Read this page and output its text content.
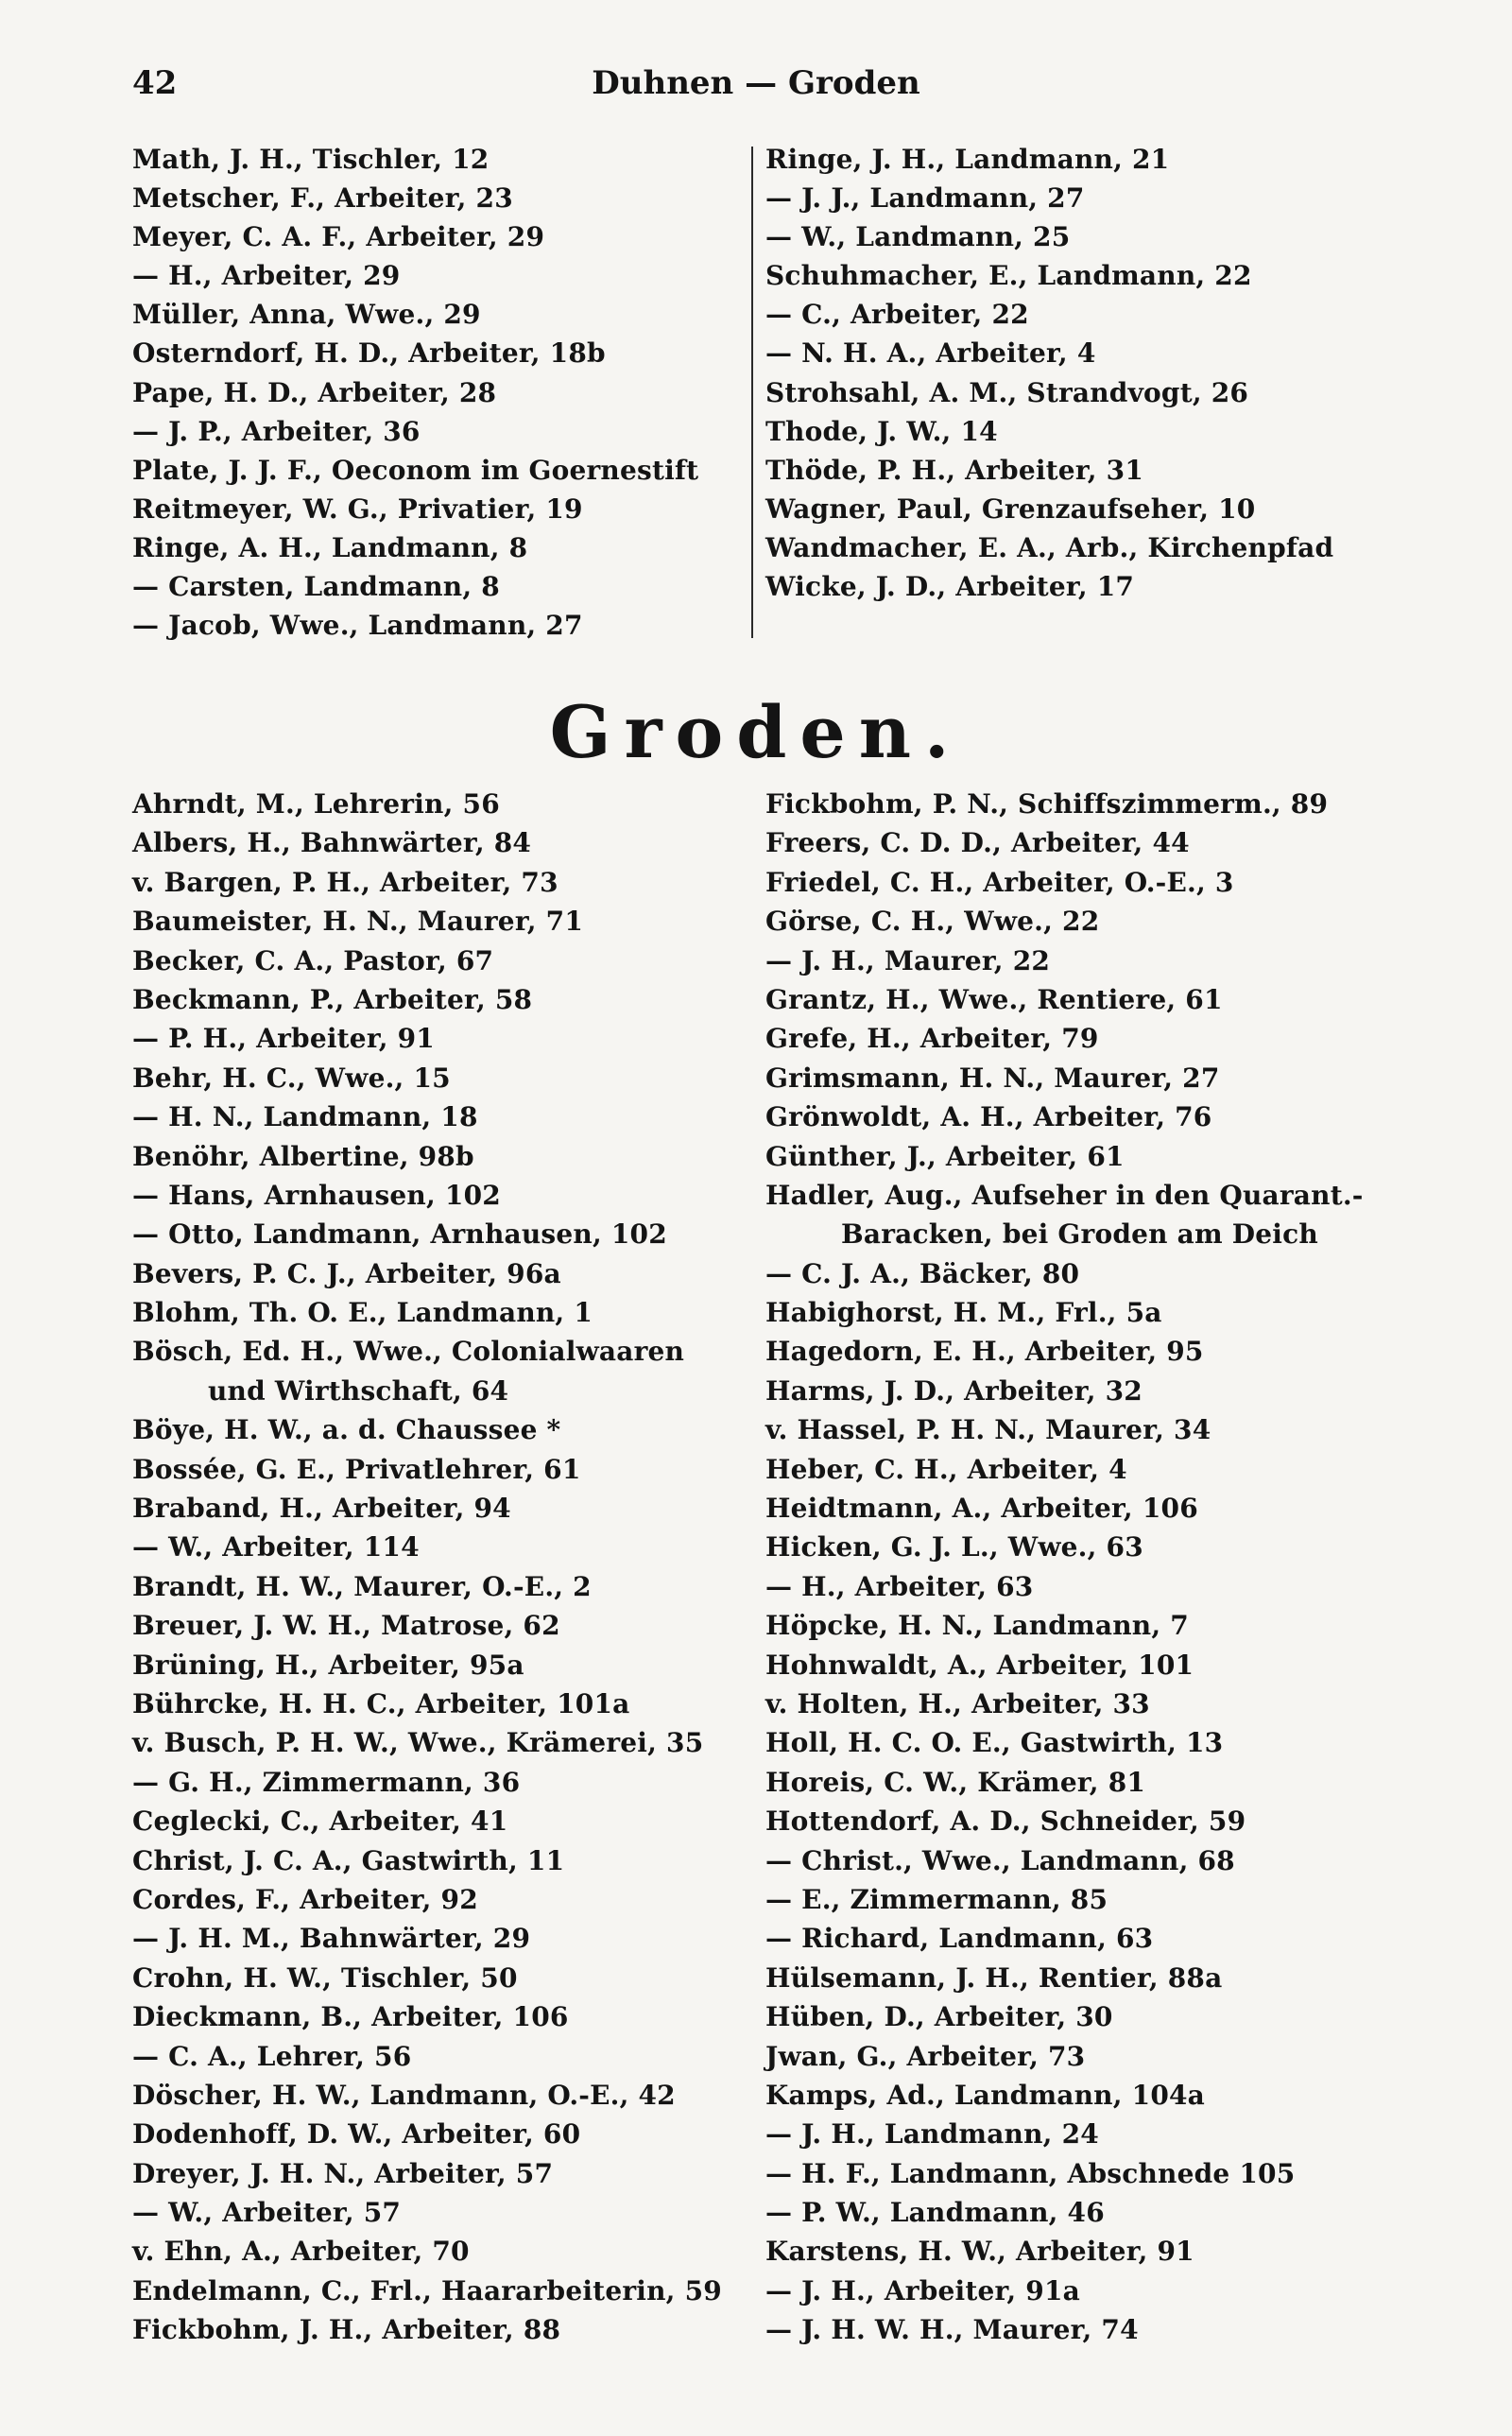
42	Duhnen — Groden
Math, J. H., Tischler, 12
Metscher, F., Arbeiter, 23
Meyer, C. A. F., Arbeiter, 29
— H., Arbeiter, 29
Müller, Anna, Wwe., 29
Osterndorf, H. D., Arbeiter, 18b
Pape, H. D., Arbeiter, 28
— J. P., Arbeiter, 36
Plate, J. J. F., Oeconom im Goernestift
Reitmeyer, W. G., Privatier, 19
Ringe, A. H., Landmann, 8
— Carsten, Landmann, 8
— Jacob, Wwe., Landmann, 27
Ringe, J. H., Landmann, 21
— J. J., Landmann, 27
— W., Landmann, 25
Schuhmacher, E., Landmann, 22
— C., Arbeiter, 22
— N. H. A., Arbeiter, 4
Strohsahl, A. M., Strandvogt, 26
Thode, J. W., 14
Thöde, P. H., Arbeiter, 31
Wagner, Paul, Grenzaufseher, 10
Wandmacher, E. A., Arb., Kirchenpfad
Wicke, J. D., Arbeiter, 17
Groden.
Ahrndt, M., Lehrerin, 56
Albers, H., Bahnwärter, 84
v. Bargen, P. H., Arbeiter, 73
Baumeister, H. N., Maurer, 71
Becker, C. A., Pastor, 67
Beckmann, P., Arbeiter, 58
— P. H., Arbeiter, 91
Behr, H. C., Wwe., 15
— H. N., Landmann, 18
Benöhr, Albertine, 98b
— Hans, Arnhausen, 102
— Otto, Landmann, Arnhausen, 102
Bevers, P. C. J., Arbeiter, 96a
Blohm, Th. O. E., Landmann, 1
Bösch, Ed. H., Wwe., Colonialwaaren
und Wirthschaft, 64
Böye, H. W., a. d. Chaussee *
Bossée, G. E., Privatlehrer, 61
Braband, H., Arbeiter, 94
— W., Arbeiter, 114
Brandt, H. W., Maurer, O.-E., 2
Breuer, J. W. H., Matrose, 62
Brüning, H., Arbeiter, 95a
Bührcke, H. H. C., Arbeiter, 101a
v. Busch, P. H. W., Wwe., Krämerei, 35
— G. H., Zimmermann, 36
Ceglecki, C., Arbeiter, 41
Christ, J. C. A., Gastwirth, 11
Cordes, F., Arbeiter, 92
— J. H. M., Bahnwärter, 29
Crohn, H. W., Tischler, 50
Dieckmann, B., Arbeiter, 106
— C. A., Lehrer, 56
Döscher, H. W., Landmann, O.-E., 42
Dodenhoff, D. W., Arbeiter, 60
Dreyer, J. H. N., Arbeiter, 57
— W., Arbeiter, 57
v. Ehn, A., Arbeiter, 70
Endelmann, C., Frl., Haararbeiterin, 59
Fickbohm, J. H., Arbeiter, 88
Fickbohm, P. N., Schiffszimmerm., 89
Freers, C. D. D., Arbeiter, 44
Friedel, C. H., Arbeiter, O.-E., 3
Görse, C. H., Wwe., 22
— J. H., Maurer, 22
Grantz, H., Wwe., Rentiere, 61
Grefe, H., Arbeiter, 79
Grimsmann, H. N., Maurer, 27
Grönwoldt, A. H., Arbeiter, 76
Günther, J., Arbeiter, 61
Hadler, Aug., Aufseher in den Quarant.-
Baracken, bei Groden am Deich
— C. J. A., Bäcker, 80
Habighorst, H. M., Frl., 5a
Hagedorn, E. H., Arbeiter, 95
Harms, J. D., Arbeiter, 32
v. Hassel, P. H. N., Maurer, 34
Heber, C. H., Arbeiter, 4
Heidtmann, A., Arbeiter, 106
Hicken, G. J. L., Wwe., 63
— H., Arbeiter, 63
Höpcke, H. N., Landmann, 7
Hohnwaldt, A., Arbeiter, 101
v. Holten, H., Arbeiter, 33
Holl, H. C. O. E., Gastwirth, 13
Horeis, C. W., Krämer, 81
Hottendorf, A. D., Schneider, 59
— Christ., Wwe., Landmann, 68
— E., Zimmermann, 85
— Richard, Landmann, 63
Hülsemann, J. H., Rentier, 88a
Hüben, D., Arbeiter, 30
Jwan, G., Arbeiter, 73
Kamps, Ad., Landmann, 104a
— J. H., Landmann, 24
— H. F., Landmann, Abschnede 105
— P. W., Landmann, 46
Karstens, H. W., Arbeiter, 91
— J. H., Arbeiter, 91a
— J. H. W. H., Maurer, 74
